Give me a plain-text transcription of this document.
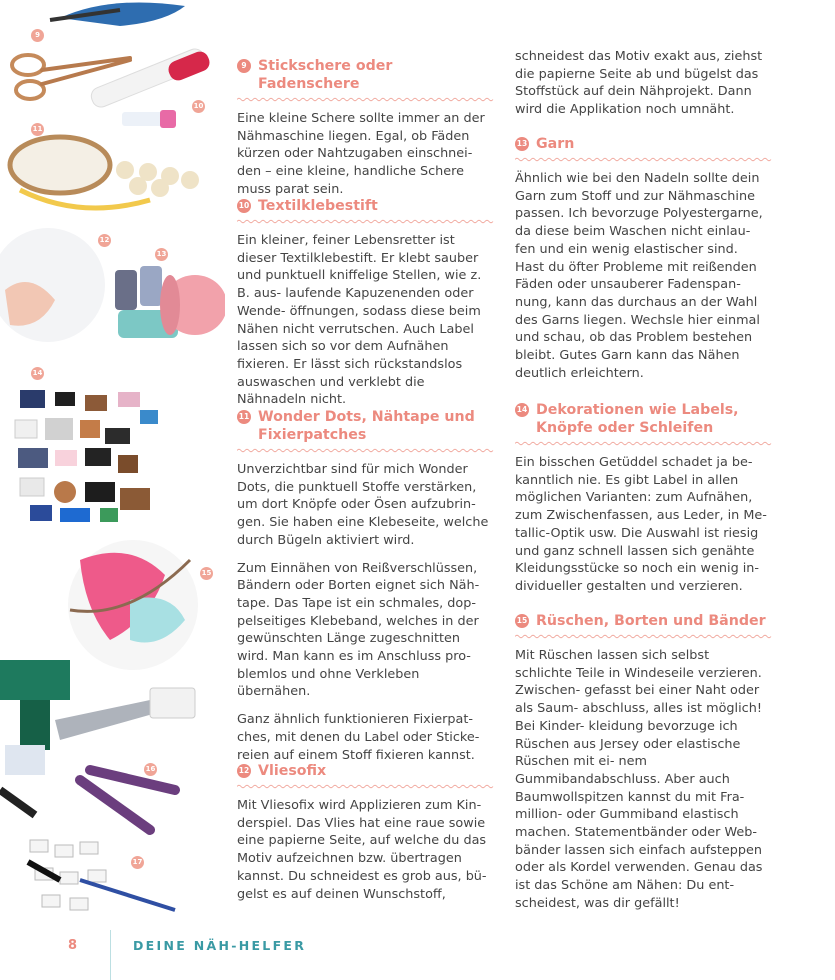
9
10
11
12
13
14
15
16
17
9 Stickschere oder Fadenschere

Eine kleine Schere sollte immer an der Nähmaschine liegen. Egal, ob Fäden kürzen oder Nahtzugaben einschnei- den – eine kleine, handliche Schere muss parat sein.

10 Textilklebestift

Ein kleiner, feiner Lebensretter ist dieser Textilklebestift. Er klebt sauber und punktuell kniffelige Stellen, wie z. B. aus- laufende Kapuzenenden oder Wende- öffnungen, sodass diese beim Nähen nicht verrutschen. Auch Label lassen sich so vor dem Aufnähen fixieren. Er lässt sich rückstandslos auswaschen und verklebt die Nähnadeln nicht.

11 Wonder Dots, Nähtape und
Fixierpatches

Unverzichtbar sind für mich Wonder Dots, die punktuell Stoffe verstärken, um dort Knöpfe oder Ösen aufzubrin- gen. Sie haben eine Klebeseite, welche durch Bügeln aktiviert wird.

Zum Einnähen von Reißverschlüssen, Bändern oder Borten eignet sich Näh- tape. Das Tape ist ein schmales, dop- pelseitiges Klebeband, welches in der gewünschten Länge zugeschnitten wird. Man kann es im Anschluss pro- blemlos und ohne Verkleben übernähen.

Ganz ähnlich funktionieren Fixierpat- ches, mit denen du Label oder Sticke- reien auf einem Stoff fixieren kannst.

12 Vliesofix

Mit Vliesofix wird Applizieren zum Kin- derspiel. Das Vlies hat eine raue sowie eine papierne Seite, auf welche du das Motiv aufzeichnen bzw. übertragen kannst. Du schneidest es grob aus, bü- gelst es auf deinen Wunschstoff,

schneidest das Motiv exakt aus, ziehst die papierne Seite ab und bügelst das Stoffstück auf dein Nähprojekt. Dann wird die Applikation noch umnäht.

13 Garn

Ähnlich wie bei den Nadeln sollte dein Garn zum Stoff und zur Nähmaschine passen. Ich bevorzuge Polyestergarne, da diese beim Waschen nicht einlau- fen und ein wenig elastischer sind. Hast du öfter Probleme mit reißenden Fäden oder unsauberer Fadenspan- nung, kann das durchaus an der Wahl des Garns liegen. Wechsle hier einmal und schau, ob das Problem bestehen bleibt. Gutes Garn kann das Nähen deutlich erleichtern.

14 Dekorationen wie Labels,
Knöpfe oder Schleifen

Ein bisschen Getüddel schadet ja be- kanntlich nie. Es gibt Label in allen möglichen Varianten: zum Aufnähen, zum Zwischenfassen, aus Leder, in Me- tallic-Optik usw. Die Auswahl ist riesig und ganz schnell lassen sich genähte Kleidungsstücke so noch ein wenig in- dividueller gestalten und verzieren.

15 Rüschen, Borten und Bänder

Mit Rüschen lassen sich selbst schlichte Teile in Windeseile verzieren. Zwischen- gefasst bei einer Naht oder als Saum- abschluss, alles ist möglich! Bei Kinder- kleidung bevorzuge ich Rüschen aus Jersey oder elastische Rüschen mit ei- nem Gummibandabschluss. Aber auch Baumwollspitzen kannst du mit Fra- million- oder Gummiband elastisch machen. Statementbänder oder Web- bänder lassen sich einfach aufsteppen oder als Kordel verwenden. Genau das ist das Schöne am Nähen: Du ent- scheidest, was dir gefällt!

8	DEINE NÄH-HELFER
